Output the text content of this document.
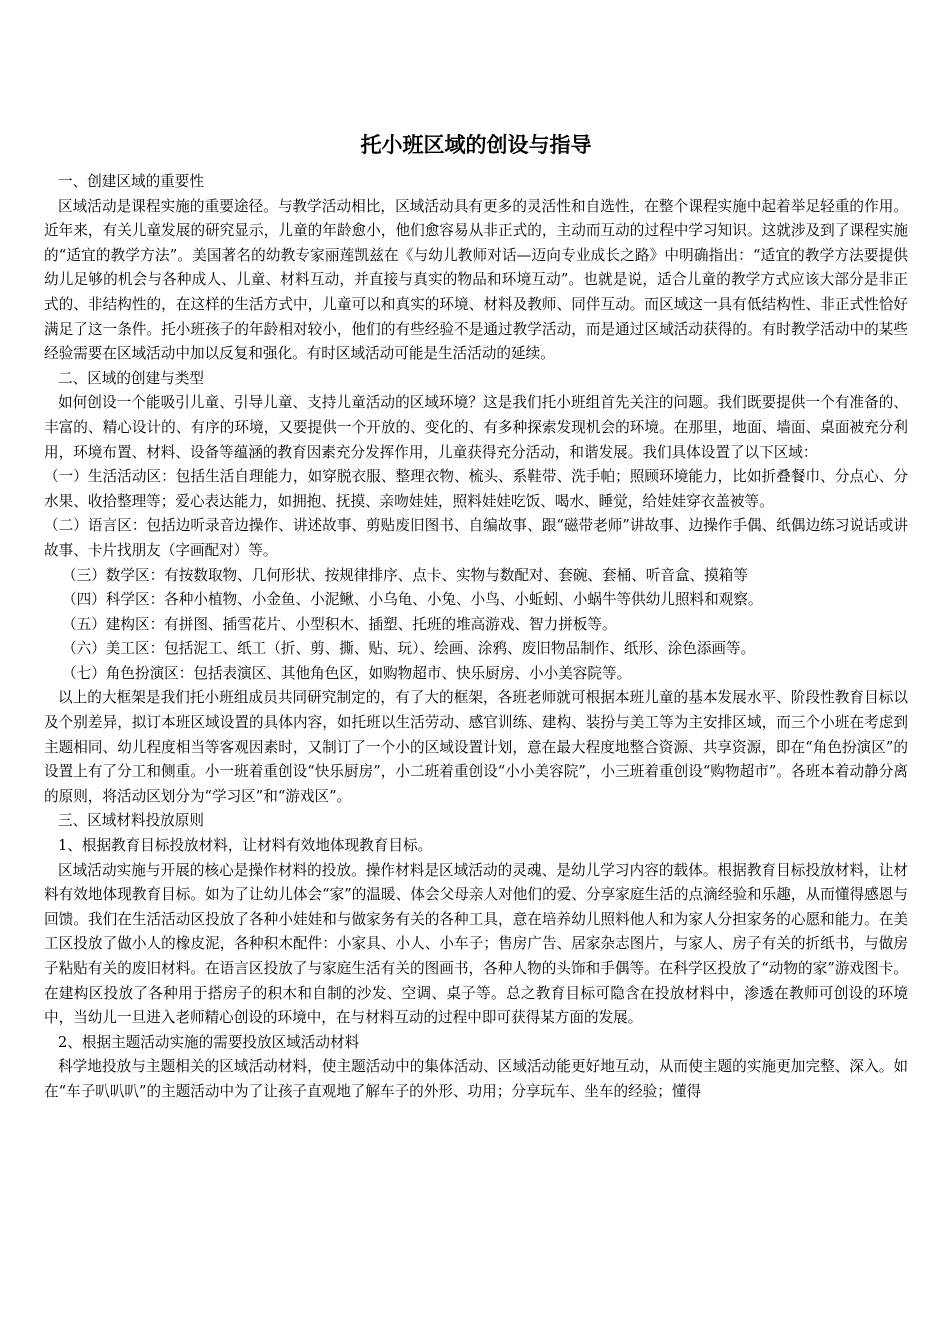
托小班区域的创设与指导

一、创建区域的重要性

区域活动是课程实施的重要途径。与教学活动相比，区域活动具有更多的灵活性和自选性，在整个课程实施中起着举足轻重的作用。近年来，有关儿童发展的研究显示，儿童的年龄愈小，他们愈容易从非正式的，主动而互动的过程中学习知识。这就涉及到了课程实施的“适宜的教学方法”。美国著名的幼教专家丽莲凯兹在《与幼儿教师对话—迈向专业成长之路》中明确指出：“适宜的教学方法要提供幼儿足够的机会与各种成人、儿童、材料互动，并直接与真实的物品和环境互动”。也就是说，适合儿童的教学方式应该大部分是非正式的、非结构性的，在这样的生活方式中，儿童可以和真实的环境、材料及教师、同伴互动。而区域这一具有低结构性、非正式性恰好满足了这一条件。托小班孩子的年龄相对较小，他们的有些经验不是通过教学活动，而是通过区域活动获得的。有时教学活动中的某些经验需要在区域活动中加以反复和强化。有时区域活动可能是生活活动的延续。

二、区域的创建与类型

如何创设一个能吸引儿童、引导儿童、支持儿童活动的区域环境？这是我们托小班组首先关注的问题。我们既要提供一个有准备的、丰富的、精心设计的、有序的环境，又要提供一个开放的、变化的、有多种探索发现机会的环境。在那里，地面、墙面、桌面被充分利用，环境布置、材料、设备等蕴涵的教育因素充分发挥作用，儿童获得充分活动，和谐发展。我们具体设置了以下区域：

（一）生活活动区：包括生活自理能力，如穿脱衣服、整理衣物、梳头、系鞋带、洗手帕；照顾环境能力，比如折叠餐巾、分点心、分水果、收拾整理等；爱心表达能力，如拥抱、抚摸、亲吻娃娃，照料娃娃吃饭、喝水、睡觉，给娃娃穿衣盖被等。

（二）语言区：包括边听录音边操作、讲述故事、剪贴废旧图书、自编故事、跟“磁带老师”讲故事、边操作手偶、纸偶边练习说话或讲故事、卡片找朋友（字画配对）等。

（三）数学区：有按数取物、几何形状、按规律排序、点卡、实物与数配对、套碗、套桶、听音盒、摸箱等

（四）科学区：各种小植物、小金鱼、小泥鳅、小乌龟、小兔、小鸟、小蚯蚓、小蜗牛等供幼儿照料和观察。

（五）建构区：有拼图、插雪花片、小型积木、插塑、托班的堆高游戏、智力拼板等。

（六）美工区：包括泥工、纸工（折、剪、撕、贴、玩）、绘画、涂鸦、废旧物品制作、纸形、涂色添画等。

（七）角色扮演区：包括表演区、其他角色区，如购物超市、快乐厨房、小小美容院等。

以上的大框架是我们托小班组成员共同研究制定的，有了大的框架，各班老师就可根据本班儿童的基本发展水平、阶段性教育目标以及个别差异，拟订本班区域设置的具体内容，如托班以生活劳动、感官训练、建构、装扮与美工等为主安排区域，而三个小班在考虑到主题相同、幼儿程度相当等客观因素时，又制订了一个小的区域设置计划，意在最大程度地整合资源、共享资源，即在“角色扮演区”的设置上有了分工和侧重。小一班着重创设“快乐厨房”，小二班着重创设“小小美容院”，小三班着重创设“购物超市”。各班本着动静分离的原则，将活动区划分为“学习区”和“游戏区”。

三、区域材料投放原则

1、根据教育目标投放材料，让材料有效地体现教育目标。

区域活动实施与开展的核心是操作材料的投放。操作材料是区域活动的灵魂、是幼儿学习内容的载体。根据教育目标投放材料，让材料有效地体现教育目标。如为了让幼儿体会“家”的温暖、体会父母亲人对他们的爱、分享家庭生活的点滴经验和乐趣，从而懂得感恩与回馈。我们在生活活动区投放了各种小娃娃和与做家务有关的各种工具，意在培养幼儿照料他人和为家人分担家务的心愿和能力。在美工区投放了做小人的橡皮泥，各种积木配件：小家具、小人、小车子；售房广告、居家杂志图片，与家人、房子有关的折纸书，与做房子粘贴有关的废旧材料。在语言区投放了与家庭生活有关的图画书，各种人物的头饰和手偶等。在科学区投放了“动物的家”游戏图卡。在建构区投放了各种用于搭房子的积木和自制的沙发、空调、桌子等。总之教育目标可隐含在投放材料中，渗透在教师可创设的环境中，当幼儿一旦进入老师精心创设的环境中，在与材料互动的过程中即可获得某方面的发展。

2、根据主题活动实施的需要投放区域活动材料

科学地投放与主题相关的区域活动材料，使主题活动中的集体活动、区域活动能更好地互动，从而使主题的实施更加完整、深入。如在“车子叭叭叭”的主题活动中为了让孩子直观地了解车子的外形、功用；分享玩车、坐车的经验；懂得
